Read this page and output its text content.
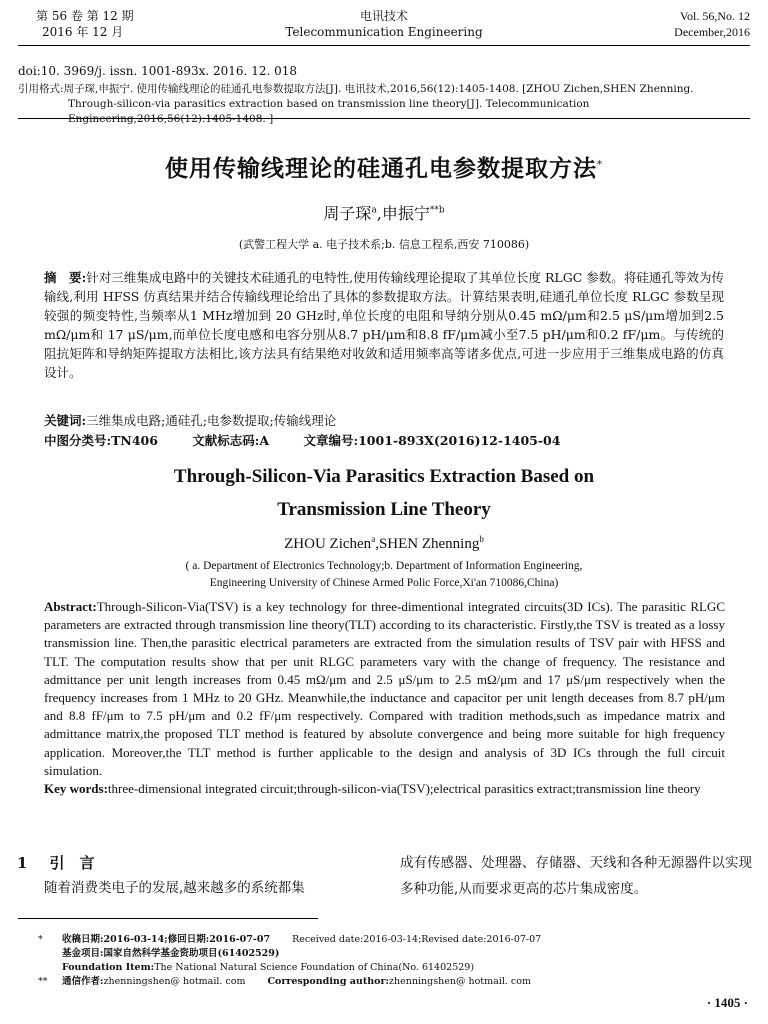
第 56 卷 第 12 期
2016 年 12 月
电讯技术
Telecommunication Engineering
Vol. 56,No. 12
December,2016
doi:10. 3969/j. issn. 1001-893x. 2016. 12. 018
引用格式:周子琛,申振宁. 使用传输线理论的硅通孔电参数提取方法[J]. 电讯技术,2016,56(12):1405-1408. [ZHOU Zichen,SHEN Zhenning.
Through-silicon-via parasitics extraction based on transmission line theory[J]. Telecommunication Engineering,2016,56(12):1405-1408. ]
使用传输线理论的硅通孔电参数提取方法*
周子琛$^a$,申振宁$^{**b}$
(武警工程大学 a. 电子技术系;b. 信息工程系,西安 710086)
摘　要:针对三维集成电路中的关键技术硅通孔的电特性,使用传输线理论提取了其单位长度 RLGC 参数。将硅通孔等效为传输线,利用 HFSS 仿真结果并结合传输线理论给出了具体的参数提取方法。计算结果表明,硅通孔单位长度 RLGC 参数呈现较强的频变特性,当频率从1 MHz增加到 20 GHz时,单位长度的电阻和导纳分别从0.45 mΩ/μm和2.5 μS/μm增加到2.5 mΩ/μm和 17 μS/μm,而单位长度电感和电容分别从8.7 pH/μm和8.8 fF/μm减小至7.5 pH/μm和0.2 fF/μm。与传统的阻抗矩阵和导纳矩阵提取方法相比,该方法具有结果绝对收敛和适用频率高等诸多优点,可进一步应用于三维集成电路的仿真设计。
关键词:三维集成电路;通硅孔;电参数提取;传输线理论
中图分类号:TN406	文献标志码:A	文章编号:1001-893X(2016)12-1405-04
Through-Silicon-Via Parasitics Extraction Based on
Transmission Line Theory
ZHOU Zichen$^a$,SHEN Zhenning$^b$
( a. Department of Electronics Technology;b. Department of Information Engineering,
Engineering University of Chinese Armed Polic Force,Xi'an 710086,China)
Abstract:Through-Silicon-Via(TSV) is a key technology for three-dimentional integrated circuits(3D ICs). The parasitic RLGC parameters are extracted through transmission line theory(TLT) according to its characteristic. Firstly,the TSV is treated as a lossy transmission line. Then,the parasitic electrical parameters are extracted from the simulation results of TSV pair with HFSS and TLT. The computation results show that per unit RLGC parameters vary with the change of frequency. The resistance and admittance per unit length increases from 0.45 mΩ/μm and 2.5 μS/μm to 2.5 mΩ/μm and 17 μS/μm respectively when the frequency increases from 1 MHz to 20 GHz. Meanwhile,the inductance and capacitor per unit length deceases from 8.7 pH/μm and 8.8 fF/μm to 7.5 pH/μm and 0.2 fF/μm respectively. Compared with tradition methods,such as impedance matrix and admittance matrix,the proposed TLT method is featured by absolute convergence and being more suitable for high frequency application. Moreover,the TLT method is further applicable to the design and analysis of 3D ICs through the full circuit simulation.
Key words:three-dimensional integrated circuit;through-silicon-via(TSV);electrical parasitics extract;transmission line theory
1 引　言
随着消费类电子的发展,越来越多的系统都集
成有传感器、处理器、存储器、天线和各种无源器件以实现多种功能,从而要求更高的芯片集成密度。
* 收稿日期:2016-03-14;修回日期:2016-07-07 Received date:2016-03-14;Revised date:2016-07-07
基金项目:国家自然科学基金资助项目(61402529)
Foundation Item:The National Natural Science Foundation of China(No. 61402529)
** 通信作者:zhenningshen@ hotmail. com Corresponding author:zhenningshen@ hotmail. com
· 1405 ·
